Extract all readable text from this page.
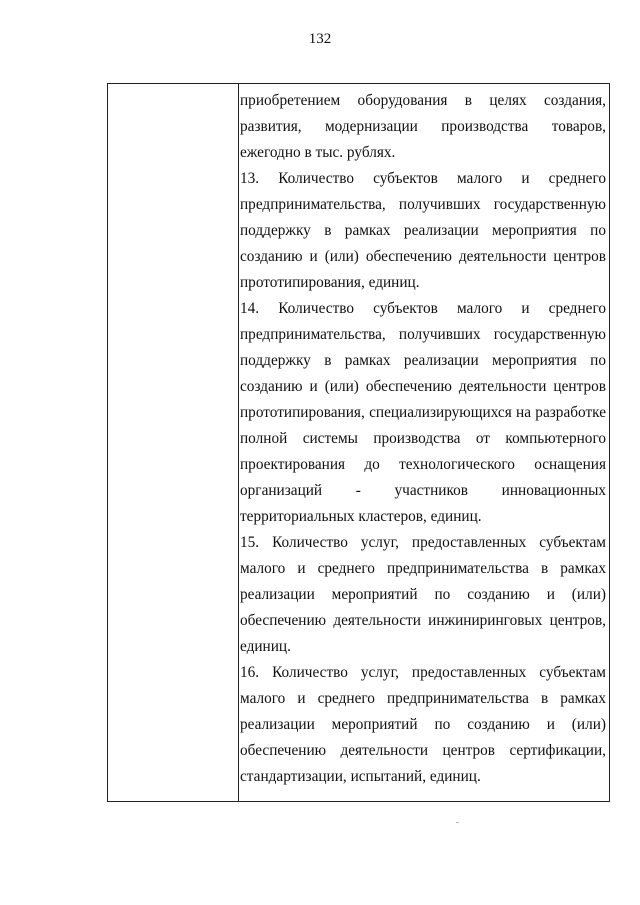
132

приобретением оборудования в целях создания, развития, модернизации производства товаров, ежегодно в тыс. рублях.

13. Количество субъектов малого и среднего предпринимательства, получивших государственную поддержку в рамках реализации мероприятия по созданию и (или) обеспечению деятельности центров прототипирования, единиц.

14. Количество субъектов малого и среднего предпринимательства, получивших государственную поддержку в рамках реализации мероприятия по созданию и (или) обеспечению деятельности центров прототипирования, специализирующихся на разработке полной системы производства от компьютерного проектирования до технологического оснащения организаций - участников инновационных территориальных кластеров, единиц.

15. Количество услуг, предоставленных субъектам малого и среднего предпринимательства в рамках реализации мероприятий по созданию и (или) обеспечению деятельности инжиниринговых центров, единиц.

16. Количество услуг, предоставленных субъектам малого и среднего предпринимательства в рамках реализации мероприятий по созданию и (или) обеспечению деятельности центров сертификации, стандартизации, испытаний, единиц.
